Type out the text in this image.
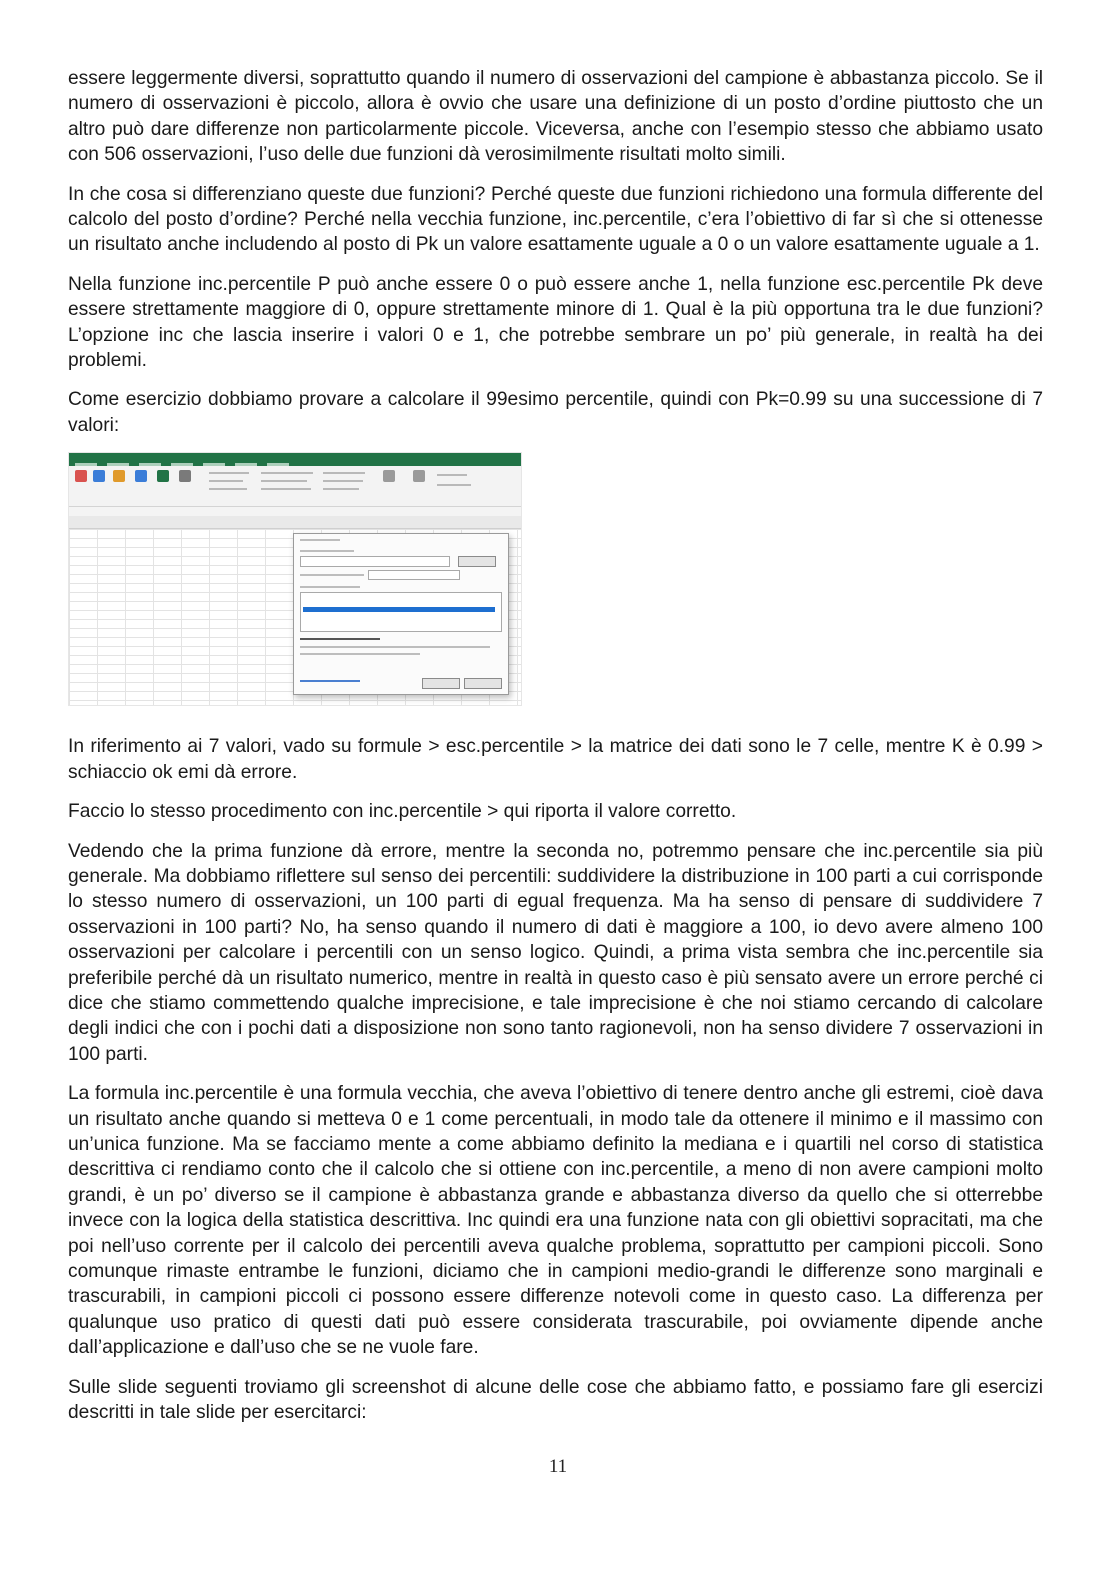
essere leggermente diversi, soprattutto quando il numero di osservazioni del campione è abbastanza piccolo. Se il numero di osservazioni è piccolo, allora è ovvio che usare una definizione di un posto d’ordine piuttosto che un altro può dare differenze non particolarmente piccole. Viceversa, anche con l’esempio stesso che abbiamo usato con 506 osservazioni, l’uso delle due funzioni dà verosimilmente risultati molto simili.

In che cosa si differenziano queste due funzioni? Perché queste due funzioni richiedono una formula differente del calcolo del posto d’ordine? Perché nella vecchia funzione, inc.percentile, c’era l’obiettivo di far sì che si ottenesse un risultato anche includendo al posto di Pk un valore esattamente uguale a 0 o un valore esattamente uguale a 1.

Nella funzione inc.percentile P può anche essere 0 o può essere anche 1, nella funzione esc.percentile Pk deve essere strettamente maggiore di 0, oppure strettamente minore di 1. Qual è la più opportuna tra le due funzioni? L’opzione inc che lascia inserire i valori 0 e 1, che potrebbe sembrare un po’ più generale, in realtà ha dei problemi.

Come esercizio dobbiamo provare a calcolare il 99esimo percentile, quindi con Pk=0.99 su una successione di 7 valori:

In riferimento ai 7 valori, vado su formule > esc.percentile > la matrice dei dati sono le 7 celle, mentre K è 0.99 > schiaccio ok emi dà errore.

Faccio lo stesso procedimento con inc.percentile > qui riporta il valore corretto.

Vedendo che la prima funzione dà errore, mentre la seconda no, potremmo pensare che inc.percentile sia più generale. Ma dobbiamo riflettere sul senso dei percentili: suddividere la distribuzione in 100 parti a cui corrisponde lo stesso numero di osservazioni, un 100 parti di egual frequenza. Ma ha senso di pensare di suddividere 7 osservazioni in 100 parti? No, ha senso quando il numero di dati è maggiore a 100, io devo avere almeno 100 osservazioni per calcolare i percentili con un senso logico. Quindi, a prima vista sembra che inc.percentile sia preferibile perché dà un risultato numerico, mentre in realtà in questo caso è più sensato avere un errore perché ci dice che stiamo commettendo qualche imprecisione, e tale imprecisione è che noi stiamo cercando di calcolare degli indici che con i pochi dati a disposizione non sono tanto ragionevoli, non ha senso dividere 7 osservazioni in 100 parti.

La formula inc.percentile è una formula vecchia, che aveva l’obiettivo di tenere dentro anche gli estremi, cioè dava un risultato anche quando si metteva 0 e 1 come percentuali, in modo tale da ottenere il minimo e il massimo con un’unica funzione. Ma se facciamo mente a come abbiamo definito la mediana e i quartili nel corso di statistica descrittiva ci rendiamo conto che il calcolo che si ottiene con inc.percentile, a meno di non avere campioni molto grandi, è un po’ diverso se il campione è abbastanza grande e abbastanza diverso da quello che si otterrebbe invece con la logica della statistica descrittiva. Inc quindi era una funzione nata con gli obiettivi sopracitati, ma che poi nell’uso corrente per il calcolo dei percentili aveva qualche problema, soprattutto per campioni piccoli. Sono comunque rimaste entrambe le funzioni, diciamo che in campioni medio-grandi le differenze sono marginali e trascurabili, in campioni piccoli ci possono essere differenze notevoli come in questo caso. La differenza per qualunque uso pratico di questi dati può essere considerata trascurabile, poi ovviamente dipende anche dall’applicazione e dall’uso che se ne vuole fare.

Sulle slide seguenti troviamo gli screenshot di alcune delle cose che abbiamo fatto, e possiamo fare gli esercizi descritti in tale slide per esercitarci:

11
